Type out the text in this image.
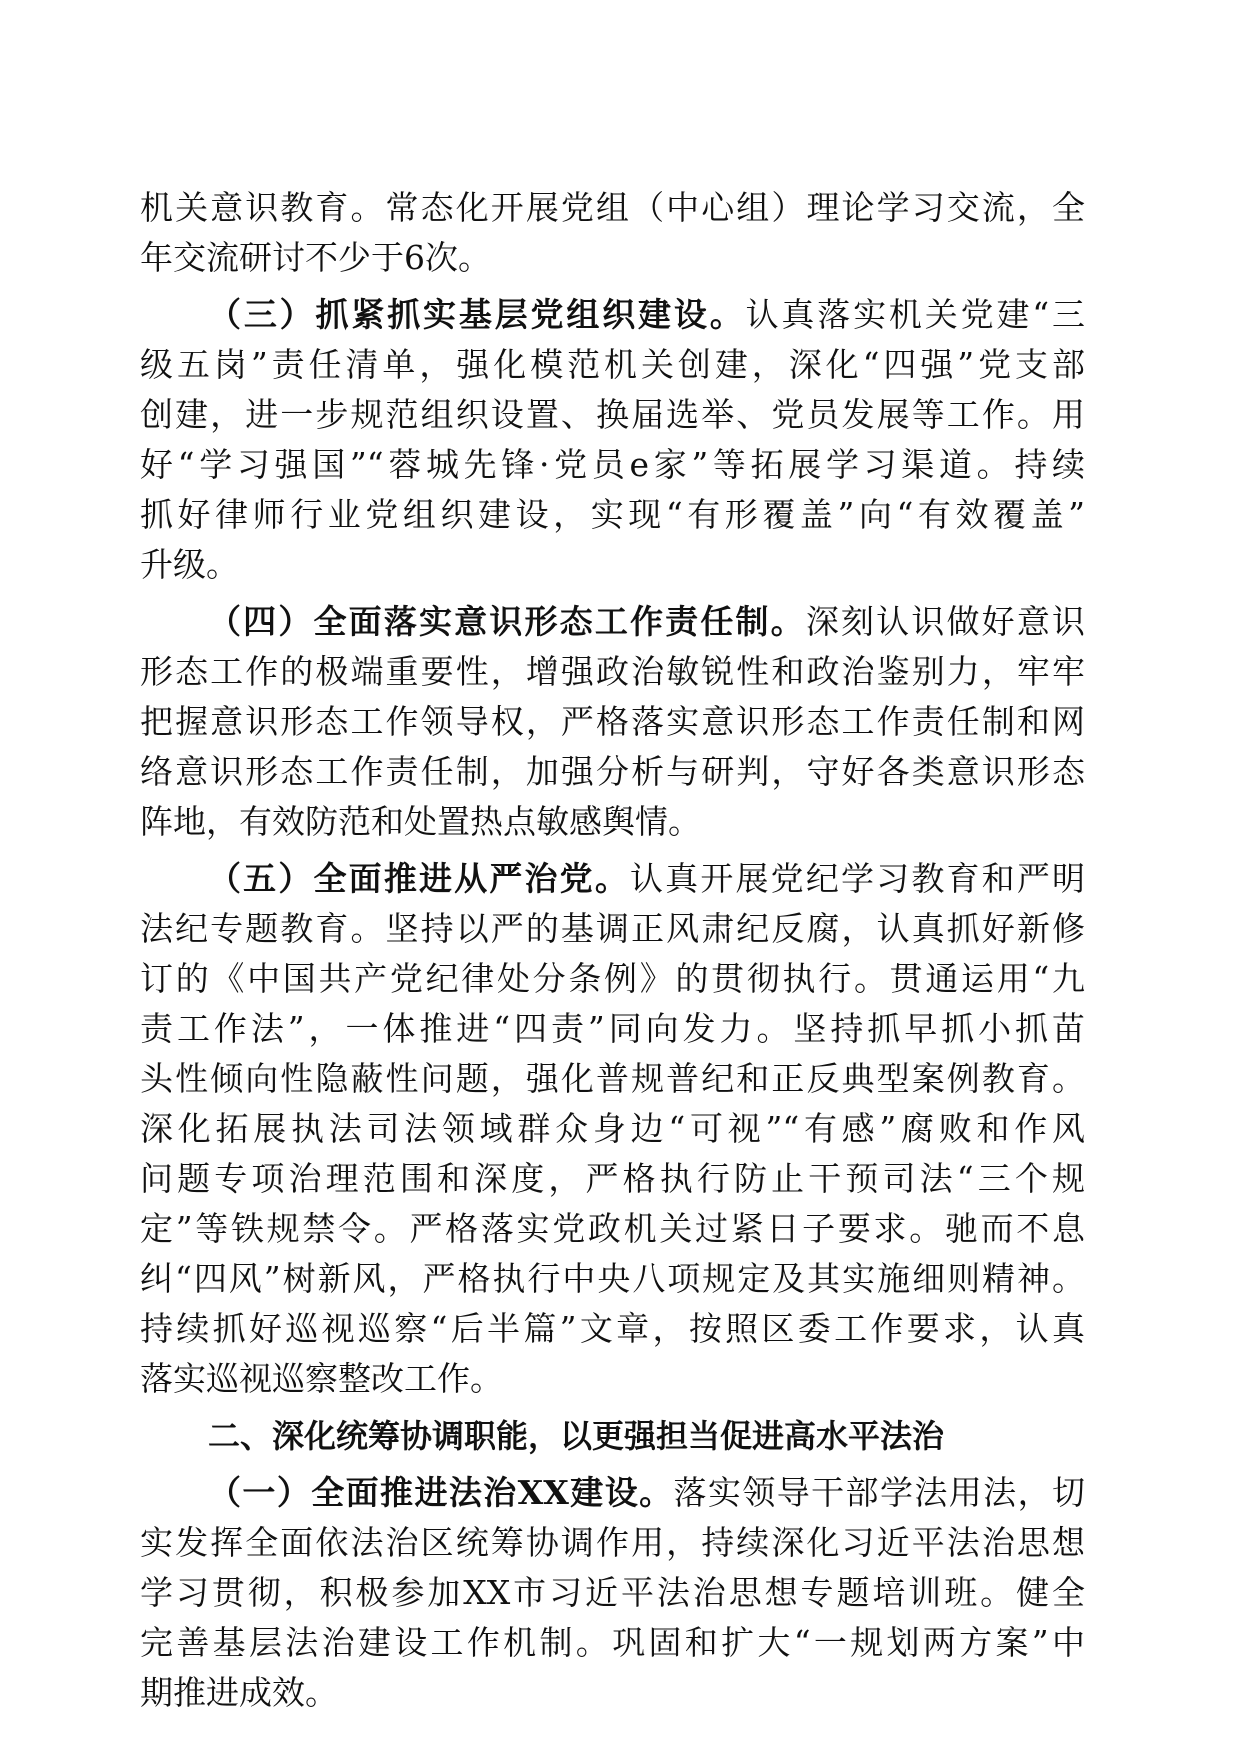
机关意识教育。常态化开展党组（中心组）理论学习交流，全
年交流研讨不少于6次。
（三）抓紧抓实基层党组织建设。认真落实机关党建“三
级五岗”责任清单，强化模范机关创建，深化“四强”党支部
创建，进一步规范组织设置、换届选举、党员发展等工作。用
好“学习强国”“蓉城先锋·党员e家”等拓展学习渠道。持续
抓好律师行业党组织建设，实现“有形覆盖”向“有效覆盖”
升级。
（四）全面落实意识形态工作责任制。深刻认识做好意识
形态工作的极端重要性，增强政治敏锐性和政治鉴别力，牢牢
把握意识形态工作领导权，严格落实意识形态工作责任制和网
络意识形态工作责任制，加强分析与研判，守好各类意识形态
阵地，有效防范和处置热点敏感舆情。
（五）全面推进从严治党。认真开展党纪学习教育和严明
法纪专题教育。坚持以严的基调正风肃纪反腐，认真抓好新修
订的《中国共产党纪律处分条例》的贯彻执行。贯通运用“九
责工作法”，一体推进“四责”同向发力。坚持抓早抓小抓苗
头性倾向性隐蔽性问题，强化普规普纪和正反典型案例教育。
深化拓展执法司法领域群众身边“可视”“有感”腐败和作风
问题专项治理范围和深度，严格执行防止干预司法“三个规
定”等铁规禁令。严格落实党政机关过紧日子要求。驰而不息
纠“四风”树新风，严格执行中央八项规定及其实施细则精神。
持续抓好巡视巡察“后半篇”文章，按照区委工作要求，认真
落实巡视巡察整改工作。
二、深化统筹协调职能，以更强担当促进高水平法治
（一）全面推进法治XX建设。落实领导干部学法用法，切
实发挥全面依法治区统筹协调作用，持续深化习近平法治思想
学习贯彻，积极参加XX市习近平法治思想专题培训班。健全
完善基层法治建设工作机制。巩固和扩大“一规划两方案”中
期推进成效。
